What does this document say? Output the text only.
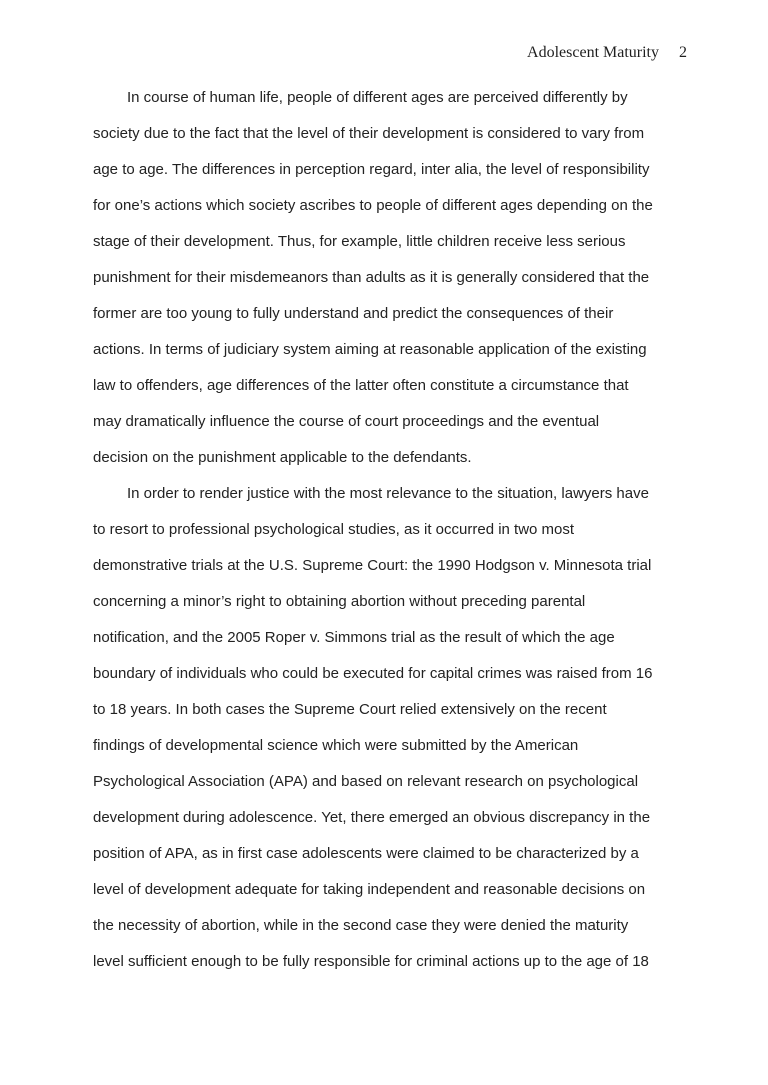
Adolescent Maturity 2
In course of human life, people of different ages are perceived differently by
society due to the fact that the level of their development is considered to vary from
age to age. The differences in perception regard, inter alia, the level of responsibility
for one’s actions which society ascribes to people of different ages depending on the
stage of their development. Thus, for example, little children receive less serious
punishment for their misdemeanors than adults as it is generally considered that the
former are too young to fully understand and predict the consequences of their
actions. In terms of judiciary system aiming at reasonable application of the existing
law to offenders, age differences of the latter often constitute a circumstance that
may dramatically influence the course of court proceedings and the eventual
decision on the punishment applicable to the defendants.
In order to render justice with the most relevance to the situation, lawyers have
to resort to professional psychological studies, as it occurred in two most
demonstrative trials at the U.S. Supreme Court: the 1990 Hodgson v. Minnesota trial
concerning a minor’s right to obtaining abortion without preceding parental
notification, and the 2005 Roper v. Simmons trial as the result of which the age
boundary of individuals who could be executed for capital crimes was raised from 16
to 18 years. In both cases the Supreme Court relied extensively on the recent
findings of developmental science which were submitted by the American
Psychological Association (APA) and based on relevant research on psychological
development during adolescence. Yet, there emerged an obvious discrepancy in the
position of APA, as in first case adolescents were claimed to be characterized by a
level of development adequate for taking independent and reasonable decisions on
the necessity of abortion, while in the second case they were denied the maturity
level sufficient enough to be fully responsible for criminal actions up to the age of 18
